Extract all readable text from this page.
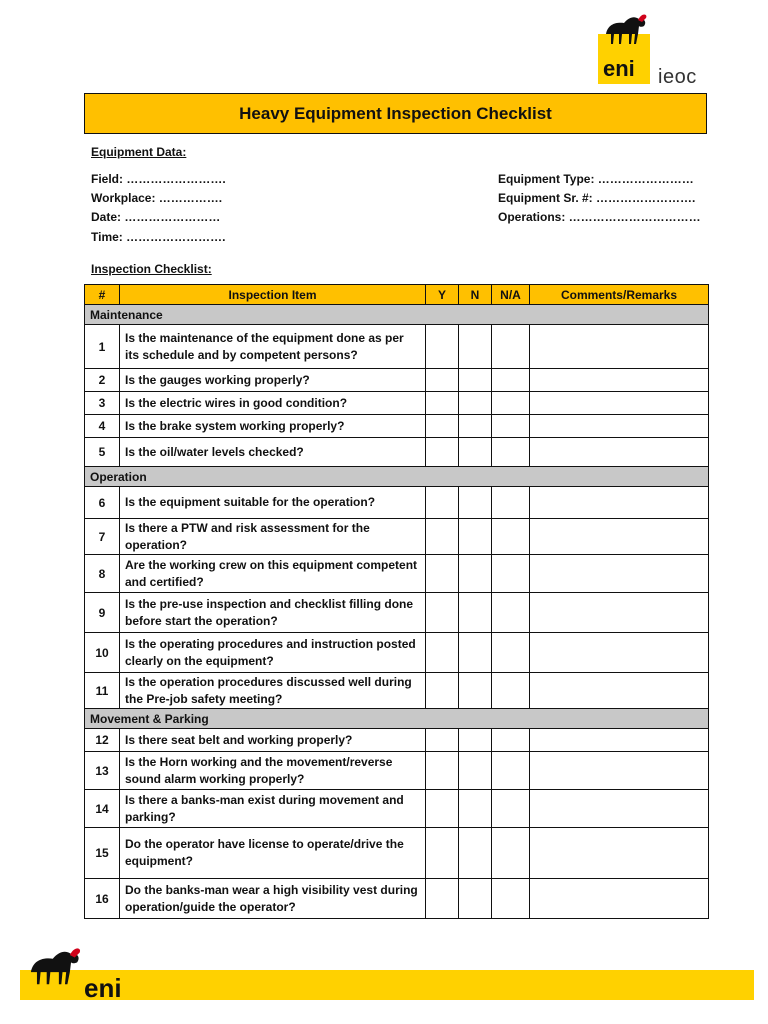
eni ieoc
Heavy Equipment Inspection Checklist
Equipment Data:
Field: …………………….
Workplace: …………….
Date: ……………………
Time: …………………….
Equipment Type: ……………………
Equipment Sr. #: …………………….
Operations: ……………………………
Inspection Checklist:
#	Inspection Item	Y	N	N/A	Comments/Remarks
Maintenance					
1	Is the maintenance of the equipment done as per its schedule and by competent persons?				
2	Is the gauges working properly?				
3	Is the electric wires in good condition?				
4	Is the brake system working properly?				
5	Is the oil/water levels checked?				
Operation					
6	Is the equipment suitable for the operation?				
7	Is there a PTW and risk assessment for the operation?				
8	Are the working crew on this equipment competent and certified?				
9	Is the pre-use inspection and checklist filling done before start the operation?				
10	Is the operating procedures and instruction posted clearly on the equipment?				
11	Is the operation procedures discussed well during the Pre-job safety meeting?				
Movement & Parking					
12	Is there seat belt and working properly?				
13	Is the Horn working and the movement/reverse sound alarm working properly?				
14	Is there a banks-man exist during movement and parking?				
15	Do the operator have license to operate/drive the equipment?				
16	Do the banks-man wear a high visibility vest during operation/guide the operator?				
eni
